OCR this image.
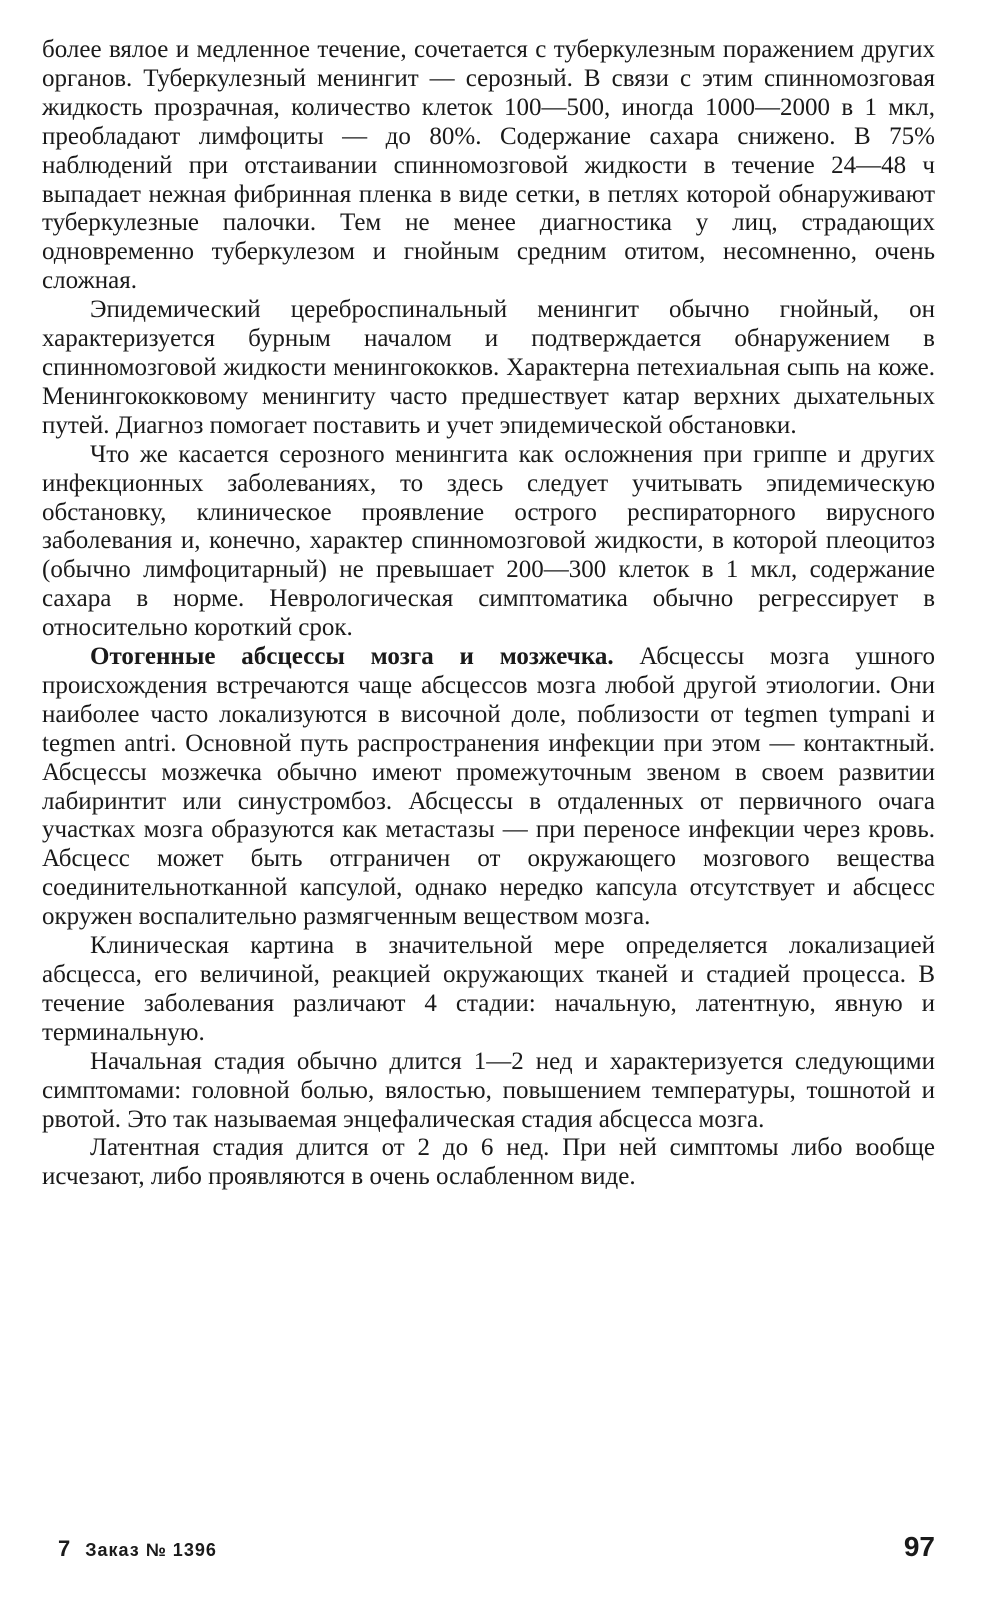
более вялое и медленное течение, сочетается с туберкулезным поражением других органов. Туберкулезный менингит — серозный. В связи с этим спинномозговая жидкость прозрачная, количество клеток 100—500, иногда 1000—2000 в 1 мкл, преобладают лимфоциты — до 80%. Содержание сахара снижено. В 75% наблюдений при отстаивании спинномозговой жидкости в течение 24—48 ч выпадает нежная фибринная пленка в виде сетки, в петлях которой обнаруживают туберкулезные палочки. Тем не менее диагностика у лиц, страдающих одновременно туберкулезом и гнойным средним отитом, несомненно, очень сложная.

Эпидемический цереброспинальный менингит обычно гнойный, он характеризуется бурным началом и подтверждается обнаружением в спинномозговой жидкости менингококков. Характерна петехиальная сыпь на коже. Менингококковому менингиту часто предшествует катар верхних дыхательных путей. Диагноз помогает поставить и учет эпидемической обстановки.

Что же касается серозного менингита как осложнения при гриппе и других инфекционных заболеваниях, то здесь следует учитывать эпидемическую обстановку, клиническое проявление острого респираторного вирусного заболевания и, конечно, характер спинномозговой жидкости, в которой плеоцитоз (обычно лимфоцитарный) не превышает 200—300 клеток в 1 мкл, содержание сахара в норме. Неврологическая симптоматика обычно регрессирует в относительно короткий срок.

Отогенные абсцессы мозга и мозжечка. Абсцессы мозга ушного происхождения встречаются чаще абсцессов мозга любой другой этиологии. Они наиболее часто локализуются в височной доле, поблизости от tegmen tympani и tegmen antri. Основной путь распространения инфекции при этом — контактный. Абсцессы мозжечка обычно имеют промежуточным звеном в своем развитии лабиринтит или синустромбоз. Абсцессы в отдаленных от первичного очага участках мозга образуются как метастазы — при переносе инфекции через кровь. Абсцесс может быть отграничен от окружающего мозгового вещества соединительнотканной капсулой, однако нередко капсула отсутствует и абсцесс окружен воспалительно размягченным веществом мозга.

Клиническая картина в значительной мере определяется локализацией абсцесса, его величиной, реакцией окружающих тканей и стадией процесса. В течение заболевания различают 4 стадии: начальную, латентную, явную и терминальную.

Начальная стадия обычно длится 1—2 нед и характеризуется следующими симптомами: головной болью, вялостью, повышением температуры, тошнотой и рвотой. Это так называемая энцефалическая стадия абсцесса мозга.

Латентная стадия длится от 2 до 6 нед. При ней симптомы либо вообще исчезают, либо проявляются в очень ослабленном виде.

7 Заказ № 1396	97
